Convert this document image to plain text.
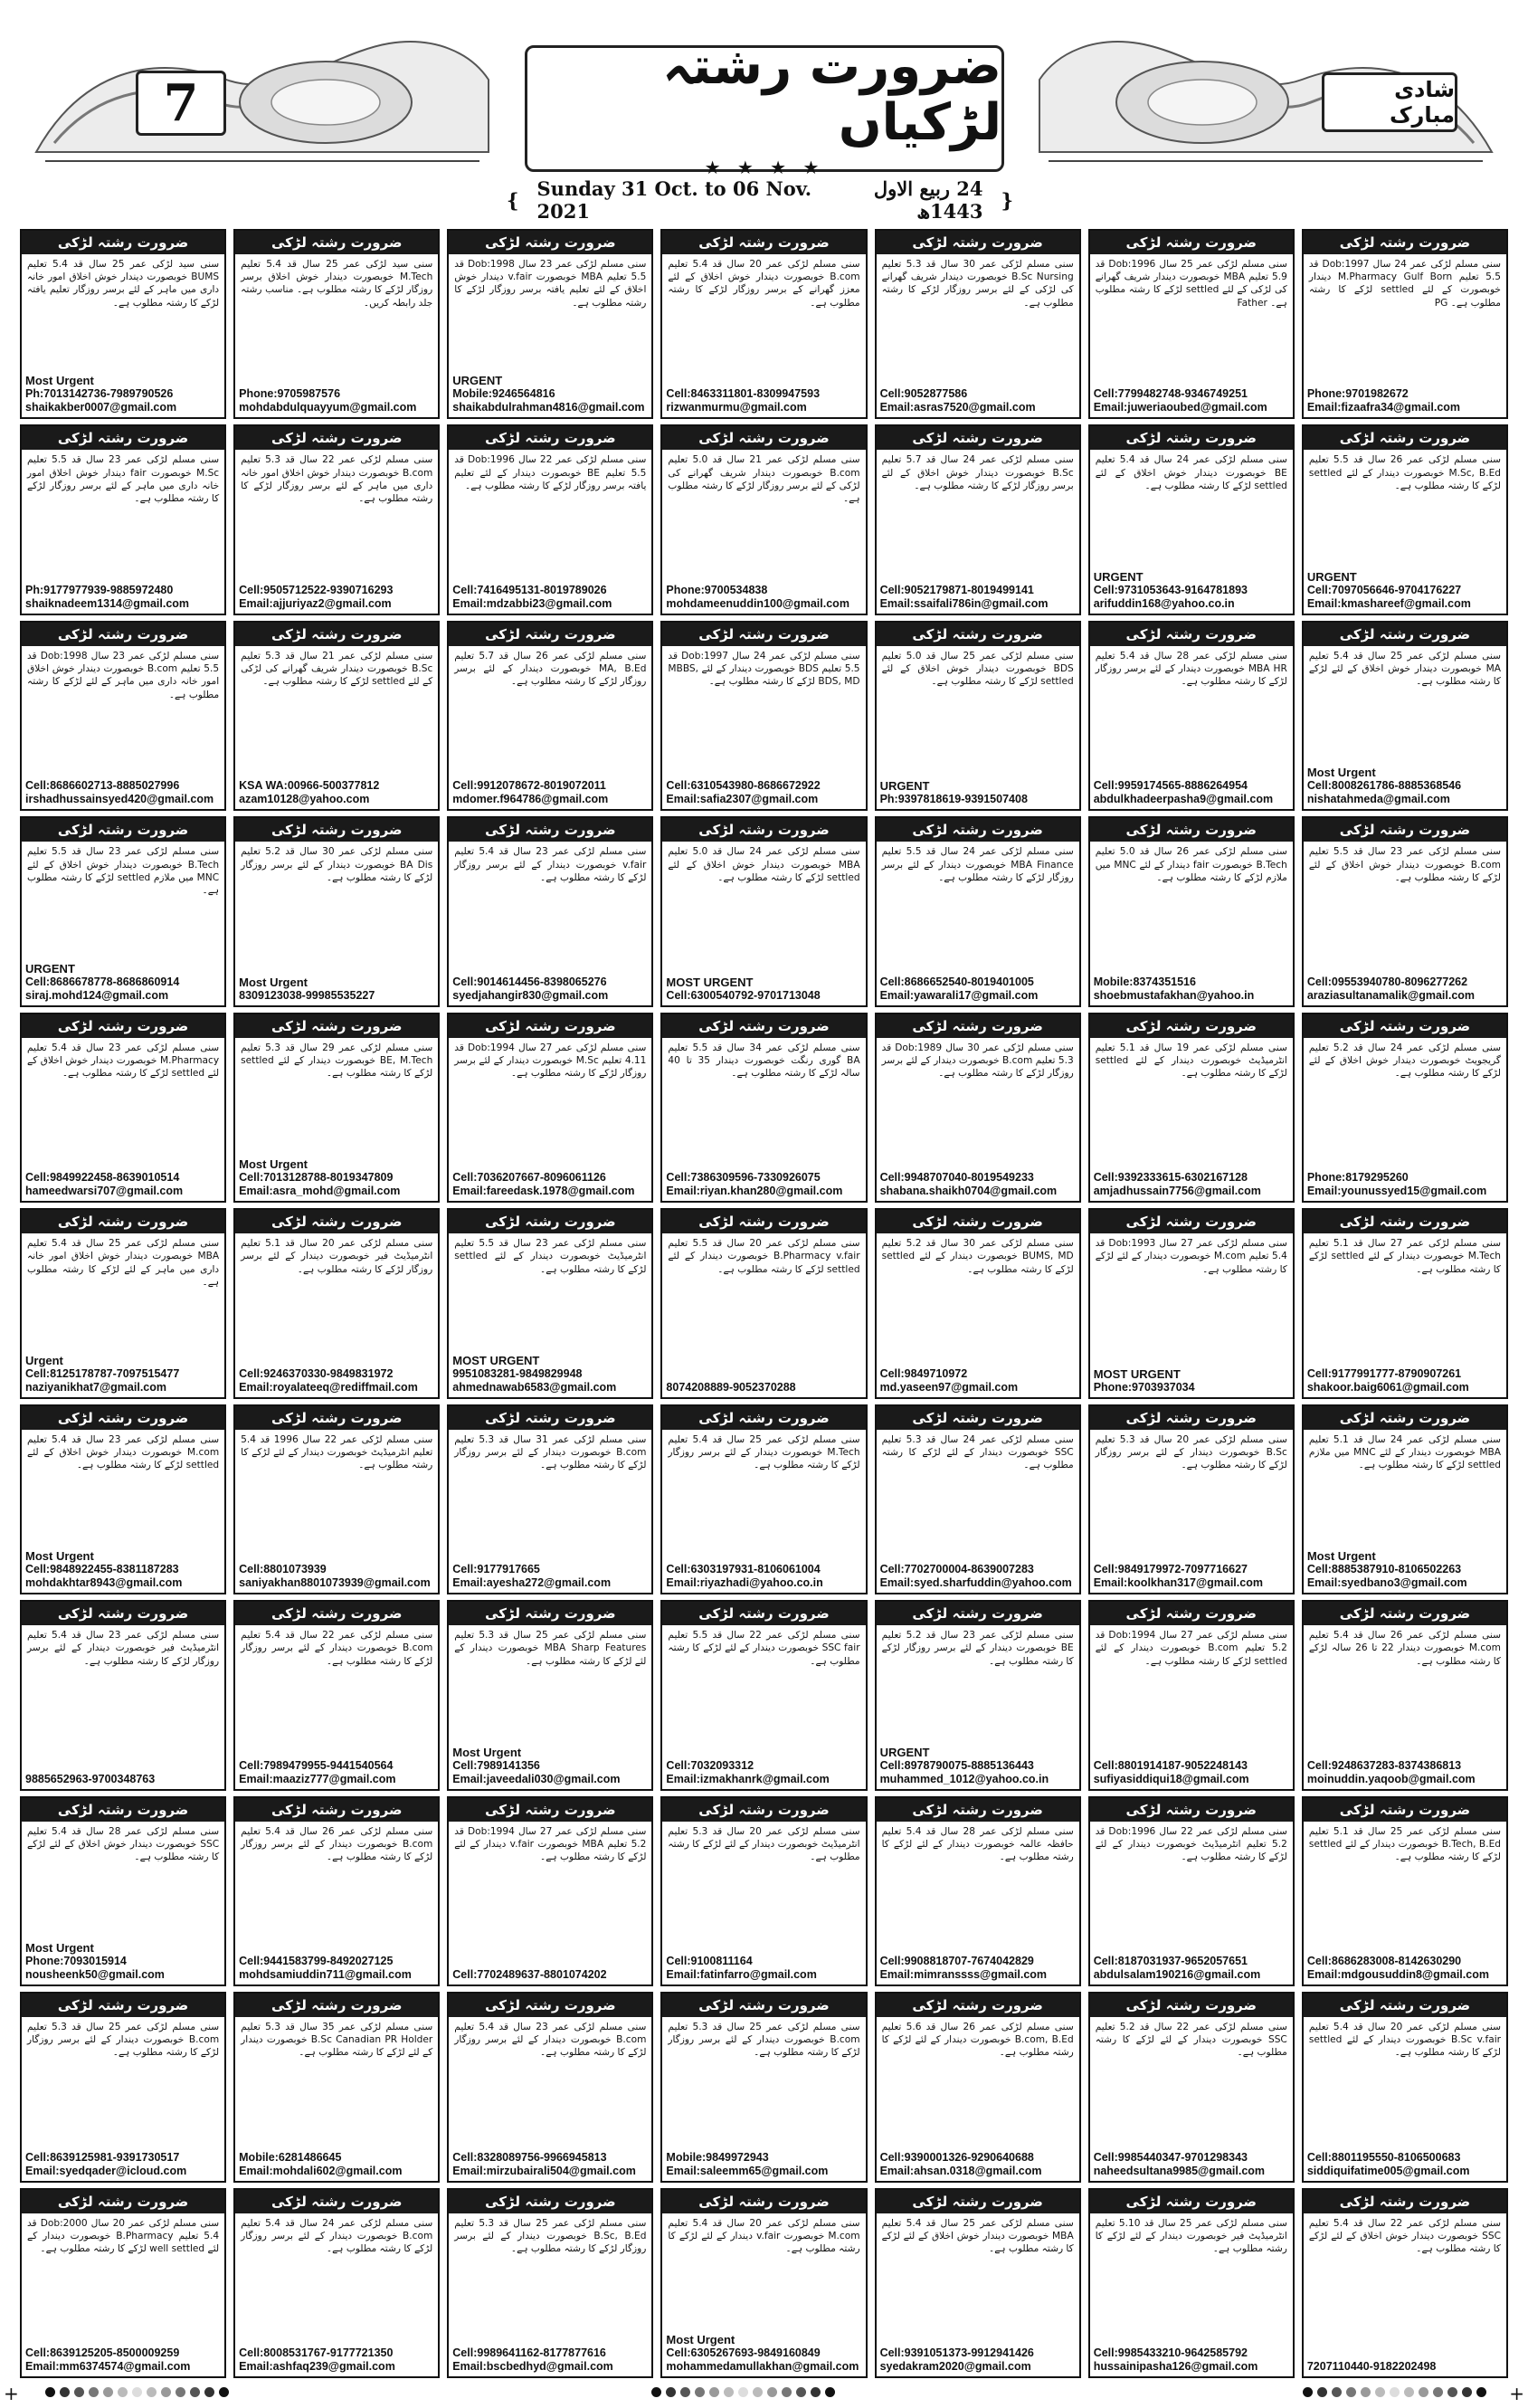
7	شادی مبارک
ضرورت رشتہ لڑکیاں
★ ★ ★ ★
{ Sunday 31 Oct. to 06 Nov. 2021
24 ربیع الاول 1443ھ }
ضرورت رشتہ لڑکی
سنی سید لڑکی عمر 25 سال قد 5.4 تعلیم BUMS خوبصورت دیندار خوش اخلاق امور خانہ داری میں ماہر کے لئے برسر روزگار تعلیم یافتہ لڑکے کا رشتہ مطلوب ہے۔
Most Urgent
Ph:7013142736-7989790526
shaikakber0007@gmail.com
ضرورت رشتہ لڑکی
سنی سید لڑکی عمر 25 سال قد 5.4 تعلیم M.Tech خوبصورت دیندار خوش اخلاق برسر روزگار لڑکے کا رشتہ مطلوب ہے۔ مناسب رشتہ جلد رابطہ کریں۔
Phone:9705987576
mohdabdulquayyum@gmail.com
ضرورت رشتہ لڑکی
سنی مسلم لڑکی عمر 23 سال Dob:1998 قد 5.5 تعلیم MBA خوبصورت v.fair دیندار خوش اخلاق کے لئے تعلیم یافتہ برسر روزگار لڑکے کا رشتہ مطلوب ہے۔
URGENT
Mobile:9246564816
shaikabdulrahman4816@gmail.com
ضرورت رشتہ لڑکی
سنی مسلم لڑکی عمر 20 سال قد 5.4 تعلیم B.com خوبصورت دیندار خوش اخلاق کے لئے معزز گھرانے کے برسر روزگار لڑکے کا رشتہ مطلوب ہے۔
Cell:8463311801-8309947593
rizwanmurmu@gmail.com
ضرورت رشتہ لڑکی
سنی مسلم لڑکی عمر 30 سال قد 5.3 تعلیم B.Sc Nursing خوبصورت دیندار شریف گھرانے کی لڑکی کے لئے برسر روزگار لڑکے کا رشتہ مطلوب ہے۔
Cell:9052877586
Email:asras7520@gmail.com
ضرورت رشتہ لڑکی
سنی مسلم لڑکی عمر 25 سال Dob:1996 قد 5.9 تعلیم MBA خوبصورت دیندار شریف گھرانے کی لڑکی کے لئے settled لڑکے کا رشتہ مطلوب ہے۔ Father
Cell:7799482748-9346749251
Email:juweriaoubed@gmail.com
ضرورت رشتہ لڑکی
سنی مسلم لڑکی عمر 24 سال Dob:1997 قد 5.5 تعلیم M.Pharmacy Gulf Born دیندار خوبصورت کے لئے settled لڑکے کا رشتہ مطلوب ہے۔ PG
Phone:9701982672
Email:fizaafra34@gmail.com
ضرورت رشتہ لڑکی
سنی مسلم لڑکی عمر 23 سال قد 5.5 تعلیم M.Sc خوبصورت fair دیندار خوش اخلاق امور خانہ داری میں ماہر کے لئے برسر روزگار لڑکے کا رشتہ مطلوب ہے۔
Ph:9177977939-9885972480
shaiknadeem1314@gmail.com
ضرورت رشتہ لڑکی
سنی مسلم لڑکی عمر 22 سال قد 5.3 تعلیم B.com خوبصورت دیندار خوش اخلاق امور خانہ داری میں ماہر کے لئے برسر روزگار لڑکے کا رشتہ مطلوب ہے۔
Cell:9505712522-9390716293
Email:ajjuriyaz2@gmail.com
ضرورت رشتہ لڑکی
سنی مسلم لڑکی عمر 22 سال Dob:1996 قد 5.5 تعلیم BE خوبصورت دیندار کے لئے تعلیم یافتہ برسر روزگار لڑکے کا رشتہ مطلوب ہے۔
Cell:7416495131-8019789026
Email:mdzabbi23@gmail.com
ضرورت رشتہ لڑکی
سنی مسلم لڑکی عمر 21 سال قد 5.0 تعلیم B.com خوبصورت دیندار شریف گھرانے کی لڑکی کے لئے برسر روزگار لڑکے کا رشتہ مطلوب ہے۔
Phone:9700534838
mohdameenuddin100@gmail.com
ضرورت رشتہ لڑکی
سنی مسلم لڑکی عمر 24 سال قد 5.7 تعلیم B.Sc خوبصورت دیندار خوش اخلاق کے لئے برسر روزگار لڑکے کا رشتہ مطلوب ہے۔
Cell:9052179871-8019499141
Email:ssaifali786in@gmail.com
ضرورت رشتہ لڑکی
سنی مسلم لڑکی عمر 24 سال قد 5.4 تعلیم BE خوبصورت دیندار خوش اخلاق کے لئے settled لڑکے کا رشتہ مطلوب ہے۔
URGENT
Cell:9731053643-9164781893
arifuddin168@yahoo.co.in
ضرورت رشتہ لڑکی
سنی مسلم لڑکی عمر 26 سال قد 5.5 تعلیم M.Sc, B.Ed خوبصورت دیندار کے لئے settled لڑکے کا رشتہ مطلوب ہے۔
URGENT
Cell:7097056646-9704176227
Email:kmashareef@gmail.com
ضرورت رشتہ لڑکی
سنی مسلم لڑکی عمر 23 سال Dob:1998 قد 5.5 تعلیم B.com خوبصورت دیندار خوش اخلاق امور خانہ داری میں ماہر کے لئے لڑکے کا رشتہ مطلوب ہے۔
Cell:8686602713-8885027996
irshadhussainsyed420@gmail.com
ضرورت رشتہ لڑکی
سنی مسلم لڑکی عمر 21 سال قد 5.3 تعلیم B.Sc خوبصورت دیندار شریف گھرانے کی لڑکی کے لئے settled لڑکے کا رشتہ مطلوب ہے۔
KSA WA:00966-500377812
azam10128@yahoo.com
ضرورت رشتہ لڑکی
سنی مسلم لڑکی عمر 26 سال قد 5.7 تعلیم MA, B.Ed خوبصورت دیندار کے لئے برسر روزگار لڑکے کا رشتہ مطلوب ہے۔
Cell:9912078672-8019072011
mdomer.f964786@gmail.com
ضرورت رشتہ لڑکی
سنی مسلم لڑکی عمر 24 سال Dob:1997 قد 5.5 تعلیم BDS خوبصورت دیندار کے لئے MBBS, BDS, MD لڑکے کا رشتہ مطلوب ہے۔
Cell:6310543980-8686672922
Email:safia2307@gmail.com
ضرورت رشتہ لڑکی
سنی مسلم لڑکی عمر 25 سال قد 5.0 تعلیم BDS خوبصورت دیندار خوش اخلاق کے لئے settled لڑکے کا رشتہ مطلوب ہے۔
URGENT
Ph:9397818619-9391507408
ضرورت رشتہ لڑکی
سنی مسلم لڑکی عمر 28 سال قد 5.4 تعلیم MBA HR خوبصورت دیندار کے لئے برسر روزگار لڑکے کا رشتہ مطلوب ہے۔
Cell:9959174565-8886264954
abdulkhadeerpasha9@gmail.com
ضرورت رشتہ لڑکی
سنی مسلم لڑکی عمر 25 سال قد 5.4 تعلیم MA خوبصورت دیندار خوش اخلاق کے لئے لڑکے کا رشتہ مطلوب ہے۔
Most Urgent
Cell:8008261786-8885368546
nishatahmeda@gmail.com
ضرورت رشتہ لڑکی
سنی مسلم لڑکی عمر 23 سال قد 5.5 تعلیم B.Tech خوبصورت دیندار خوش اخلاق کے لئے MNC میں ملازم settled لڑکے کا رشتہ مطلوب ہے۔
URGENT
Cell:8686678778-8686860914
siraj.mohd124@gmail.com
ضرورت رشتہ لڑکی
سنی مسلم لڑکی عمر 30 سال قد 5.2 تعلیم BA Dis خوبصورت دیندار کے لئے برسر روزگار لڑکے کا رشتہ مطلوب ہے۔
Most Urgent
8309123038-99985535227
ضرورت رشتہ لڑکی
سنی مسلم لڑکی عمر 23 سال قد 5.4 تعلیم v.fair خوبصورت دیندار کے لئے برسر روزگار لڑکے کا رشتہ مطلوب ہے۔
Cell:9014614456-8398065276
syedjahangir830@gmail.com
ضرورت رشتہ لڑکی
سنی مسلم لڑکی عمر 24 سال قد 5.0 تعلیم MBA خوبصورت دیندار خوش اخلاق کے لئے settled لڑکے کا رشتہ مطلوب ہے۔
MOST URGENT
Cell:6300540792-9701713048
ضرورت رشتہ لڑکی
سنی مسلم لڑکی عمر 24 سال قد 5.5 تعلیم MBA Finance خوبصورت دیندار کے لئے برسر روزگار لڑکے کا رشتہ مطلوب ہے۔
Cell:8686652540-8019401005
Email:yawarali17@gmail.com
ضرورت رشتہ لڑکی
سنی مسلم لڑکی عمر 26 سال قد 5.0 تعلیم B.Tech خوبصورت fair دیندار کے لئے MNC میں ملازم لڑکے کا رشتہ مطلوب ہے۔
Mobile:8374351516
shoebmustafakhan@yahoo.in
ضرورت رشتہ لڑکی
سنی مسلم لڑکی عمر 23 سال قد 5.5 تعلیم B.com خوبصورت دیندار خوش اخلاق کے لئے لڑکے کا رشتہ مطلوب ہے۔
Cell:09553940780-8096277262
araziasultanamalik@gmail.com
ضرورت رشتہ لڑکی
سنی مسلم لڑکی عمر 23 سال قد 5.4 تعلیم M.Pharmacy خوبصورت دیندار خوش اخلاق کے لئے settled لڑکے کا رشتہ مطلوب ہے۔
Cell:9849922458-8639010514
hameedwarsi707@gmail.com
ضرورت رشتہ لڑکی
سنی مسلم لڑکی عمر 29 سال قد 5.3 تعلیم BE, M.Tech خوبصورت دیندار کے لئے settled لڑکے کا رشتہ مطلوب ہے۔
Most Urgent
Cell:7013128788-8019347809
Email:asra_mohd@gmail.com
ضرورت رشتہ لڑکی
سنی مسلم لڑکی عمر 27 سال Dob:1994 قد 4.11 تعلیم M.Sc خوبصورت دیندار کے لئے برسر روزگار لڑکے کا رشتہ مطلوب ہے۔
Cell:7036207667-8096061126
Email:fareedask.1978@gmail.com
ضرورت رشتہ لڑکی
سنی مسلم لڑکی عمر 34 سال قد 5.5 تعلیم BA گوری رنگت خوبصورت دیندار 35 تا 40 سالہ لڑکے کا رشتہ مطلوب ہے۔
Cell:7386309596-7330926075
Email:riyan.khan280@gmail.com
ضرورت رشتہ لڑکی
سنی مسلم لڑکی عمر 30 سال Dob:1989 قد 5.3 تعلیم B.com خوبصورت دیندار کے لئے برسر روزگار لڑکے کا رشتہ مطلوب ہے۔
Cell:9948707040-8019549233
shabana.shaikh0704@gmail.com
ضرورت رشتہ لڑکی
سنی مسلم لڑکی عمر 19 سال قد 5.1 تعلیم انٹرمیڈیٹ خوبصورت دیندار کے لئے settled لڑکے کا رشتہ مطلوب ہے۔
Cell:9392333615-6302167128
amjadhussain7756@gmail.com
ضرورت رشتہ لڑکی
سنی مسلم لڑکی عمر 24 سال قد 5.2 تعلیم گریجویٹ خوبصورت دیندار خوش اخلاق کے لئے لڑکے کا رشتہ مطلوب ہے۔
Phone:8179295260
Email:younussyed15@gmail.com
ضرورت رشتہ لڑکی
سنی مسلم لڑکی عمر 25 سال قد 5.4 تعلیم MBA خوبصورت دیندار خوش اخلاق امور خانہ داری میں ماہر کے لئے لڑکے کا رشتہ مطلوب ہے۔
Urgent
Cell:8125178787-7097515477
naziyanikhat7@gmail.com
ضرورت رشتہ لڑکی
سنی مسلم لڑکی عمر 20 سال قد 5.1 تعلیم انٹرمیڈیٹ فیر خوبصورت دیندار کے لئے برسر روزگار لڑکے کا رشتہ مطلوب ہے۔
Cell:9246370330-9849831972
Email:royalateeq@rediffmail.com
ضرورت رشتہ لڑکی
سنی مسلم لڑکی عمر 23 سال قد 5.5 تعلیم انٹرمیڈیٹ خوبصورت دیندار کے لئے settled لڑکے کا رشتہ مطلوب ہے۔
MOST URGENT
9951083281-9849829948
ahmednawab6583@gmail.com
ضرورت رشتہ لڑکی
سنی مسلم لڑکی عمر 20 سال قد 5.5 تعلیم B.Pharmacy v.fair خوبصورت دیندار کے لئے settled لڑکے کا رشتہ مطلوب ہے۔
8074208889-9052370288
ضرورت رشتہ لڑکی
سنی مسلم لڑکی عمر 30 سال قد 5.2 تعلیم BUMS, MD خوبصورت دیندار کے لئے settled لڑکے کا رشتہ مطلوب ہے۔
Cell:9849710972
md.yaseen97@gmail.com
ضرورت رشتہ لڑکی
سنی مسلم لڑکی عمر 27 سال Dob:1993 قد 5.4 تعلیم M.com خوبصورت دیندار کے لئے لڑکے کا رشتہ مطلوب ہے۔
MOST URGENT
Phone:9703937034
ضرورت رشتہ لڑکی
سنی مسلم لڑکی عمر 27 سال قد 5.1 تعلیم M.Tech خوبصورت دیندار کے لئے settled لڑکے کا رشتہ مطلوب ہے۔
Cell:9177991777-8790907261
shakoor.baig6061@gmail.com
ضرورت رشتہ لڑکی
سنی مسلم لڑکی عمر 23 سال قد 5.4 تعلیم M.com خوبصورت دیندار خوش اخلاق کے لئے settled لڑکے کا رشتہ مطلوب ہے۔
Most Urgent
Cell:9848922455-8381187283
mohdakhtar8943@gmail.com
ضرورت رشتہ لڑکی
سنی مسلم لڑکی عمر 22 سال 1996 قد 5.4 تعلیم انٹرمیڈیٹ خوبصورت دیندار کے لئے لڑکے کا رشتہ مطلوب ہے۔
Cell:8801073939
saniyakhan8801073939@gmail.com
ضرورت رشتہ لڑکی
سنی مسلم لڑکی عمر 31 سال قد 5.3 تعلیم B.com خوبصورت دیندار کے لئے برسر روزگار لڑکے کا رشتہ مطلوب ہے۔
Cell:9177917665
Email:ayesha272@gmail.com
ضرورت رشتہ لڑکی
سنی مسلم لڑکی عمر 25 سال قد 5.4 تعلیم M.Tech خوبصورت دیندار کے لئے برسر روزگار لڑکے کا رشتہ مطلوب ہے۔
Cell:6303197931-8106061004
Email:riyazhadi@yahoo.co.in
ضرورت رشتہ لڑکی
سنی مسلم لڑکی عمر 24 سال قد 5.3 تعلیم SSC خوبصورت دیندار کے لئے لڑکے کا رشتہ مطلوب ہے۔
Cell:7702700004-8639007283
Email:syed.sharfuddin@yahoo.com
ضرورت رشتہ لڑکی
سنی مسلم لڑکی عمر 20 سال قد 5.3 تعلیم B.Sc خوبصورت دیندار کے لئے برسر روزگار لڑکے کا رشتہ مطلوب ہے۔
Cell:9849179972-7097716627
Email:koolkhan317@gmail.com
ضرورت رشتہ لڑکی
سنی مسلم لڑکی عمر 24 سال قد 5.1 تعلیم MBA خوبصورت دیندار کے لئے MNC میں ملازم settled لڑکے کا رشتہ مطلوب ہے۔
Most Urgent
Cell:8885387910-8106502263
Email:syedbano3@gmail.com
ضرورت رشتہ لڑکی
سنی مسلم لڑکی عمر 23 سال قد 5.4 تعلیم انٹرمیڈیٹ فیر خوبصورت دیندار کے لئے برسر روزگار لڑکے کا رشتہ مطلوب ہے۔
9885652963-9700348763
ضرورت رشتہ لڑکی
سنی مسلم لڑکی عمر 22 سال قد 5.4 تعلیم B.com خوبصورت دیندار کے لئے برسر روزگار لڑکے کا رشتہ مطلوب ہے۔
Cell:7989479955-9441540564
Email:maaziz777@gmail.com
ضرورت رشتہ لڑکی
سنی مسلم لڑکی عمر 25 سال قد 5.3 تعلیم MBA Sharp Features خوبصورت دیندار کے لئے لڑکے کا رشتہ مطلوب ہے۔
Most Urgent
Cell:7989141356
Email:javeedali030@gmail.com
ضرورت رشتہ لڑکی
سنی مسلم لڑکی عمر 22 سال قد 5.5 تعلیم SSC fair خوبصورت دیندار کے لئے لڑکے کا رشتہ مطلوب ہے۔
Cell:7032093312
Email:izmakhanrk@gmail.com
ضرورت رشتہ لڑکی
سنی مسلم لڑکی عمر 23 سال قد 5.2 تعلیم BE خوبصورت دیندار کے لئے برسر روزگار لڑکے کا رشتہ مطلوب ہے۔
URGENT
Cell:8978790075-8885136443
muhammed_1012@yahoo.co.in
ضرورت رشتہ لڑکی
سنی مسلم لڑکی عمر 27 سال Dob:1994 قد 5.2 تعلیم B.com خوبصورت دیندار کے لئے settled لڑکے کا رشتہ مطلوب ہے۔
Cell:8801914187-9052248143
sufiyasiddiqui18@gmail.com
ضرورت رشتہ لڑکی
سنی مسلم لڑکی عمر 26 سال قد 5.4 تعلیم M.com خوبصورت دیندار 22 تا 26 سالہ لڑکے کا رشتہ مطلوب ہے۔
Cell:9248637283-8374386813
moinuddin.yaqoob@gmail.com
ضرورت رشتہ لڑکی
سنی مسلم لڑکی عمر 28 سال قد 5.4 تعلیم SSC خوبصورت دیندار خوش اخلاق کے لئے لڑکے کا رشتہ مطلوب ہے۔
Most Urgent
Phone:7093015914
nousheenk50@gmail.com
ضرورت رشتہ لڑکی
سنی مسلم لڑکی عمر 26 سال قد 5.4 تعلیم B.com خوبصورت دیندار کے لئے برسر روزگار لڑکے کا رشتہ مطلوب ہے۔
Cell:9441583799-8492027125
mohdsamiuddin711@gmail.com
ضرورت رشتہ لڑکی
سنی مسلم لڑکی عمر 27 سال Dob:1994 قد 5.2 تعلیم MBA خوبصورت v.fair دیندار کے لئے لڑکے کا رشتہ مطلوب ہے۔
Cell:7702489637-8801074202
ضرورت رشتہ لڑکی
سنی مسلم لڑکی عمر 20 سال قد 5.3 تعلیم انٹرمیڈیٹ خوبصورت دیندار کے لئے لڑکے کا رشتہ مطلوب ہے۔
Cell:9100811164
Email:fatinfarro@gmail.com
ضرورت رشتہ لڑکی
سنی مسلم لڑکی عمر 28 سال قد 5.4 تعلیم حافظہ عالمہ خوبصورت دیندار کے لئے لڑکے کا رشتہ مطلوب ہے۔
Cell:9908818707-7674042829
Email:mimranssss@gmail.com
ضرورت رشتہ لڑکی
سنی مسلم لڑکی عمر 22 سال Dob:1996 قد 5.2 تعلیم انٹرمیڈیٹ خوبصورت دیندار کے لئے لڑکے کا رشتہ مطلوب ہے۔
Cell:8187031937-9652057651
abdulsalam190216@gmail.com
ضرورت رشتہ لڑکی
سنی مسلم لڑکی عمر 25 سال قد 5.1 تعلیم B.Tech, B.Ed خوبصورت دیندار کے لئے settled لڑکے کا رشتہ مطلوب ہے۔
Cell:8686283008-8142630290
Email:mdgousuddin8@gmail.com
ضرورت رشتہ لڑکی
سنی مسلم لڑکی عمر 25 سال قد 5.3 تعلیم B.com خوبصورت دیندار کے لئے برسر روزگار لڑکے کا رشتہ مطلوب ہے۔
Cell:8639125981-9391730517
Email:syedqader@icloud.com
ضرورت رشتہ لڑکی
سنی مسلم لڑکی عمر 35 سال قد 5.3 تعلیم B.Sc Canadian PR Holder خوبصورت دیندار کے لئے لڑکے کا رشتہ مطلوب ہے۔
Mobile:6281486645
Email:mohdali602@gmail.com
ضرورت رشتہ لڑکی
سنی مسلم لڑکی عمر 23 سال قد 5.4 تعلیم B.com خوبصورت دیندار کے لئے برسر روزگار لڑکے کا رشتہ مطلوب ہے۔
Cell:8328089756-9966945813
Email:mirzubairali504@gmail.com
ضرورت رشتہ لڑکی
سنی مسلم لڑکی عمر 25 سال قد 5.3 تعلیم B.com خوبصورت دیندار کے لئے برسر روزگار لڑکے کا رشتہ مطلوب ہے۔
Mobile:9849972943
Email:saleemm65@gmail.com
ضرورت رشتہ لڑکی
سنی مسلم لڑکی عمر 26 سال قد 5.6 تعلیم B.com, B.Ed خوبصورت دیندار کے لئے لڑکے کا رشتہ مطلوب ہے۔
Cell:9390001326-9290640688
Email:ahsan.0318@gmail.com
ضرورت رشتہ لڑکی
سنی مسلم لڑکی عمر 22 سال قد 5.2 تعلیم SSC خوبصورت دیندار کے لئے لڑکے کا رشتہ مطلوب ہے۔
Cell:9985440347-9701298343
naheedsultana9985@gmail.com
ضرورت رشتہ لڑکی
سنی مسلم لڑکی عمر 20 سال قد 5.4 تعلیم B.Sc v.fair خوبصورت دیندار کے لئے settled لڑکے کا رشتہ مطلوب ہے۔
Cell:8801195550-8106500683
siddiquifatime005@gmail.com
ضرورت رشتہ لڑکی
سنی مسلم لڑکی عمر 20 سال Dob:2000 قد 5.4 تعلیم B.Pharmacy خوبصورت دیندار کے لئے well settled لڑکے کا رشتہ مطلوب ہے۔
Cell:8639125205-8500009259
Email:mm6374574@gmail.com
ضرورت رشتہ لڑکی
سنی مسلم لڑکی عمر 24 سال قد 5.4 تعلیم B.com خوبصورت دیندار کے لئے برسر روزگار لڑکے کا رشتہ مطلوب ہے۔
Cell:8008531767-9177721350
Email:ashfaq239@gmail.com
ضرورت رشتہ لڑکی
سنی مسلم لڑکی عمر 25 سال قد 5.3 تعلیم B.Sc, B.Ed خوبصورت دیندار کے لئے برسر روزگار لڑکے کا رشتہ مطلوب ہے۔
Cell:9989641162-8177877616
Email:bscbedhyd@gmail.com
ضرورت رشتہ لڑکی
سنی مسلم لڑکی عمر 20 سال قد 5.4 تعلیم M.com خوبصورت v.fair دیندار کے لئے لڑکے کا رشتہ مطلوب ہے۔
Most Urgent
Cell:6305267693-9849160849
mohammedamullakhan@gmail.com
ضرورت رشتہ لڑکی
سنی مسلم لڑکی عمر 25 سال قد 5.4 تعلیم MBA خوبصورت دیندار خوش اخلاق کے لئے لڑکے کا رشتہ مطلوب ہے۔
Cell:9391051373-9912941426
syedakram2020@gmail.com
ضرورت رشتہ لڑکی
سنی مسلم لڑکی عمر 25 سال قد 5.10 تعلیم انٹرمیڈیٹ فیر خوبصورت دیندار کے لئے لڑکے کا رشتہ مطلوب ہے۔
Cell:9985433210-9642585792
hussainipasha126@gmail.com
ضرورت رشتہ لڑکی
سنی مسلم لڑکی عمر 22 سال قد 5.4 تعلیم SSC خوبصورت دیندار خوش اخلاق کے لئے لڑکے کا رشتہ مطلوب ہے۔
7207110440-9182202498
+	+
